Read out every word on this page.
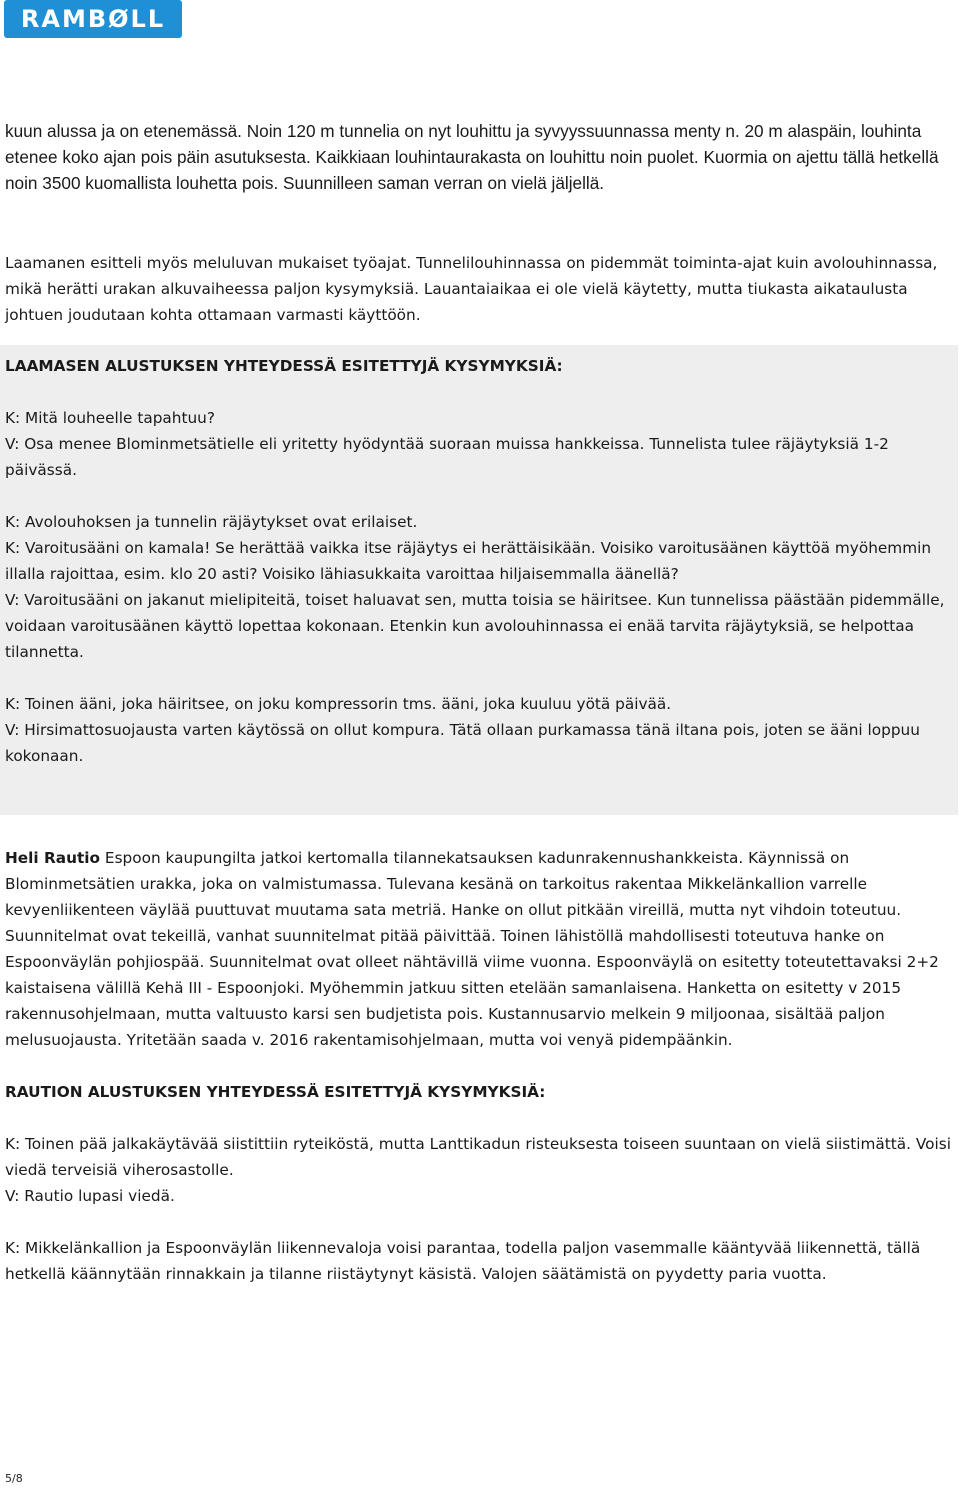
RAMBØLL

kuun alussa ja on etenemässä. Noin 120 m tunnelia on nyt louhittu ja syvyyssuunnassa menty n. 20 m alaspäin, louhinta etenee koko ajan pois päin asutuksesta. Kaikkiaan louhintaurakasta on louhittu noin puolet. Kuormia on ajettu tällä hetkellä noin 3500 kuomallista louhetta pois. Suunnilleen saman verran on vielä jäljellä.

Laamanen esitteli myös meluluvan mukaiset työajat. Tunnelilouhinnassa on pidemmät toiminta-ajat kuin avolouhinnassa, mikä herätti urakan alkuvaiheessa paljon kysymyksiä. Lauantaiaikaa ei ole vielä käytetty, mutta tiukasta aikataulusta johtuen joudutaan kohta ottamaan varmasti käyttöön.

LAAMASEN ALUSTUKSEN YHTEYDESSÄ ESITETTYJÄ KYSYMYKSIÄ:

K: Mitä louheelle tapahtuu?

V: Osa menee Blominmetsätielle eli yritetty hyödyntää suoraan muissa hankkeissa. Tunnelista tulee räjäytyksiä 1-2 päivässä.

K: Avolouhoksen ja tunnelin räjäytykset ovat erilaiset.

K: Varoitusääni on kamala! Se herättää vaikka itse räjäytys ei herättäisikään. Voisiko varoitusäänen käyttöä myöhemmin illalla rajoittaa, esim. klo 20 asti? Voisiko lähiasukkaita varoittaa hiljaisemmalla äänellä?

V: Varoitusääni on jakanut mielipiteitä, toiset haluavat sen, mutta toisia se häiritsee. Kun tunnelissa päästään pidemmälle, voidaan varoitusäänen käyttö lopettaa kokonaan. Etenkin kun avolouhinnassa ei enää tarvita räjäytyksiä, se helpottaa tilannetta.

K: Toinen ääni, joka häiritsee, on joku kompressorin tms. ääni, joka kuuluu yötä päivää.

V: Hirsimattosuojausta varten käytössä on ollut kompura. Tätä ollaan purkamassa tänä iltana pois, joten se ääni loppuu kokonaan.

Heli Rautio Espoon kaupungilta jatkoi kertomalla tilannekatsauksen kadunrakennushankkeista. Käynnissä on Blominmetsätien urakka, joka on valmistumassa. Tulevana kesänä on tarkoitus rakentaa Mikkelänkallion varrelle kevyenliikenteen väylää puuttuvat muutama sata metriä. Hanke on ollut pitkään vireillä, mutta nyt vihdoin toteutuu. Suunnitelmat ovat tekeillä, vanhat suunnitelmat pitää päivittää. Toinen lähistöllä mahdollisesti toteutuva hanke on Espoonväylän pohjiospää. Suunnitelmat ovat olleet nähtävillä viime vuonna. Espoonväylä on esitetty toteutettavaksi 2+2 kaistaisena välillä Kehä III - Espoonjoki. Myöhemmin jatkuu sitten etelään samanlaisena. Hanketta on esitetty v 2015 rakennusohjelmaan, mutta valtuusto karsi sen budjetista pois. Kustannusarvio melkein 9 miljoonaa, sisältää paljon melusuojausta. Yritetään saada v. 2016 rakentamisohjelmaan, mutta voi venyä pidempäänkin.

RAUTION ALUSTUKSEN YHTEYDESSÄ ESITETTYJÄ KYSYMYKSIÄ:

K: Toinen pää jalkakäytävää siistittiin ryteiköstä, mutta Lanttikadun risteuksesta toiseen suuntaan on vielä siistimättä. Voisi viedä terveisiä viherosastolle.

V: Rautio lupasi viedä.

K: Mikkelänkallion ja Espoonväylän liikennevaloja voisi parantaa, todella paljon vasemmalle kääntyvää liikennettä, tällä hetkellä käännytään rinnakkain ja tilanne riistäytynyt käsistä. Valojen säätämistä on pyydetty paria vuotta.

5/8
